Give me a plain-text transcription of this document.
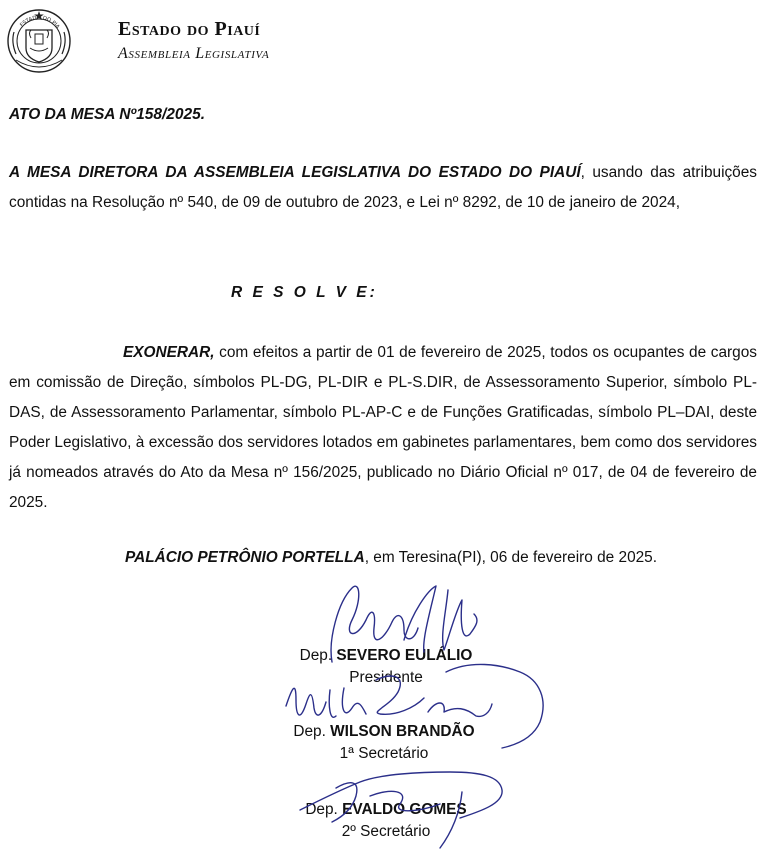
ESTADO DO PIA	Estado do Piauí
Assembleia Legislativa
ATO DA MESA Nº158/2025.

A MESA DIRETORA DA ASSEMBLEIA LEGISLATIVA DO ESTADO DO PIAUÍ, usando das atribuições contidas na Resolução nº 540, de 09 de outubro de 2023, e Lei nº 8292, de 10 de janeiro de 2024,

R E S O L V E:

EXONERAR, com efeitos a partir de 01 de fevereiro de 2025, todos os ocupantes de cargos em comissão de Direção, símbolos PL-DG, PL-DIR e PL-S.DIR, de Assessoramento Superior, símbolo PL-DAS, de Assessoramento Parlamentar, símbolo PL-AP-C e de Funções Gratificadas, símbolo PL–DAI, deste Poder Legislativo, à excessão dos servidores lotados em gabinetes parlamentares, bem como dos servidores já nomeados através do Ato da Mesa nº 156/2025, publicado no Diário Oficial nº 017, de 04 de fevereiro de 2025.

PALÁCIO PETRÔNIO PORTELLA, em Teresina(PI), 06 de fevereiro de 2025.
Dep. SEVERO EULÁLIO
Presidente
Dep. WILSON BRANDÃO
1ª Secretário
Dep. EVALDO GOMES
2º Secretário
